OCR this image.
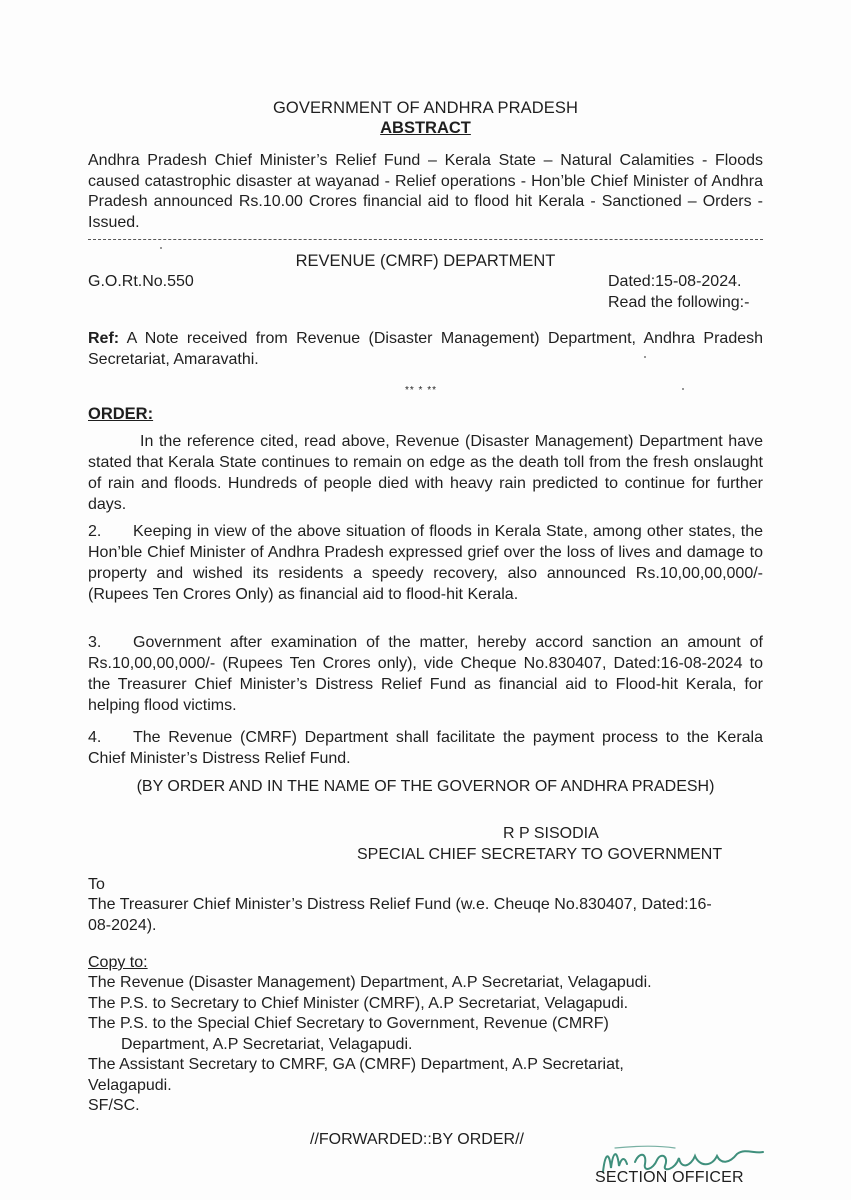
GOVERNMENT OF ANDHRA PRADESH
ABSTRACT
Andhra Pradesh Chief Minister’s Relief Fund – Kerala State – Natural Calamities - Floods caused catastrophic disaster at wayanad - Relief operations - Hon’ble Chief Minister of Andhra Pradesh announced Rs.10.00 Crores financial aid to flood hit Kerala - Sanctioned – Orders - Issued.
REVENUE (CMRF) DEPARTMENT
G.O.Rt.No.550	Dated:15-08-2024.
Read the following:-
Ref: A Note received from Revenue (Disaster Management) Department, Andhra Pradesh Secretariat, Amaravathi.
** * **
ORDER:
In the reference cited, read above, Revenue (Disaster Management) Department have stated that Kerala State continues to remain on edge as the death toll from the fresh onslaught of rain and floods. Hundreds of people died with heavy rain predicted to continue for further days.
2. Keeping in view of the above situation of floods in Kerala State, among other states, the Hon’ble Chief Minister of Andhra Pradesh expressed grief over the loss of lives and damage to property and wished its residents a speedy recovery, also announced Rs.10,00,00,000/- (Rupees Ten Crores Only) as financial aid to flood-hit Kerala.
3. Government after examination of the matter, hereby accord sanction an amount of Rs.10,00,00,000/- (Rupees Ten Crores only), vide Cheque No.830407, Dated:16-08-2024 to the Treasurer Chief Minister’s Distress Relief Fund as financial aid to Flood-hit Kerala, for helping flood victims.
4. The Revenue (CMRF) Department shall facilitate the payment process to the Kerala Chief Minister’s Distress Relief Fund.
(BY ORDER AND IN THE NAME OF THE GOVERNOR OF ANDHRA PRADESH)
R P SISODIA
SPECIAL CHIEF SECRETARY TO GOVERNMENT
To
The Treasurer Chief Minister’s Distress Relief Fund (w.e. Cheuqe No.830407, Dated:16-08-2024).
Copy to:
The Revenue (Disaster Management) Department, A.P Secretariat, Velagapudi.
The P.S. to Secretary to Chief Minister (CMRF), A.P Secretariat, Velagapudi.
The P.S. to the Special Chief Secretary to Government, Revenue (CMRF)
Department, A.P Secretariat, Velagapudi.
The Assistant Secretary to CMRF, GA (CMRF) Department, A.P Secretariat,
Velagapudi.
SF/SC.
//FORWARDED::BY ORDER//
SECTION OFFICER
